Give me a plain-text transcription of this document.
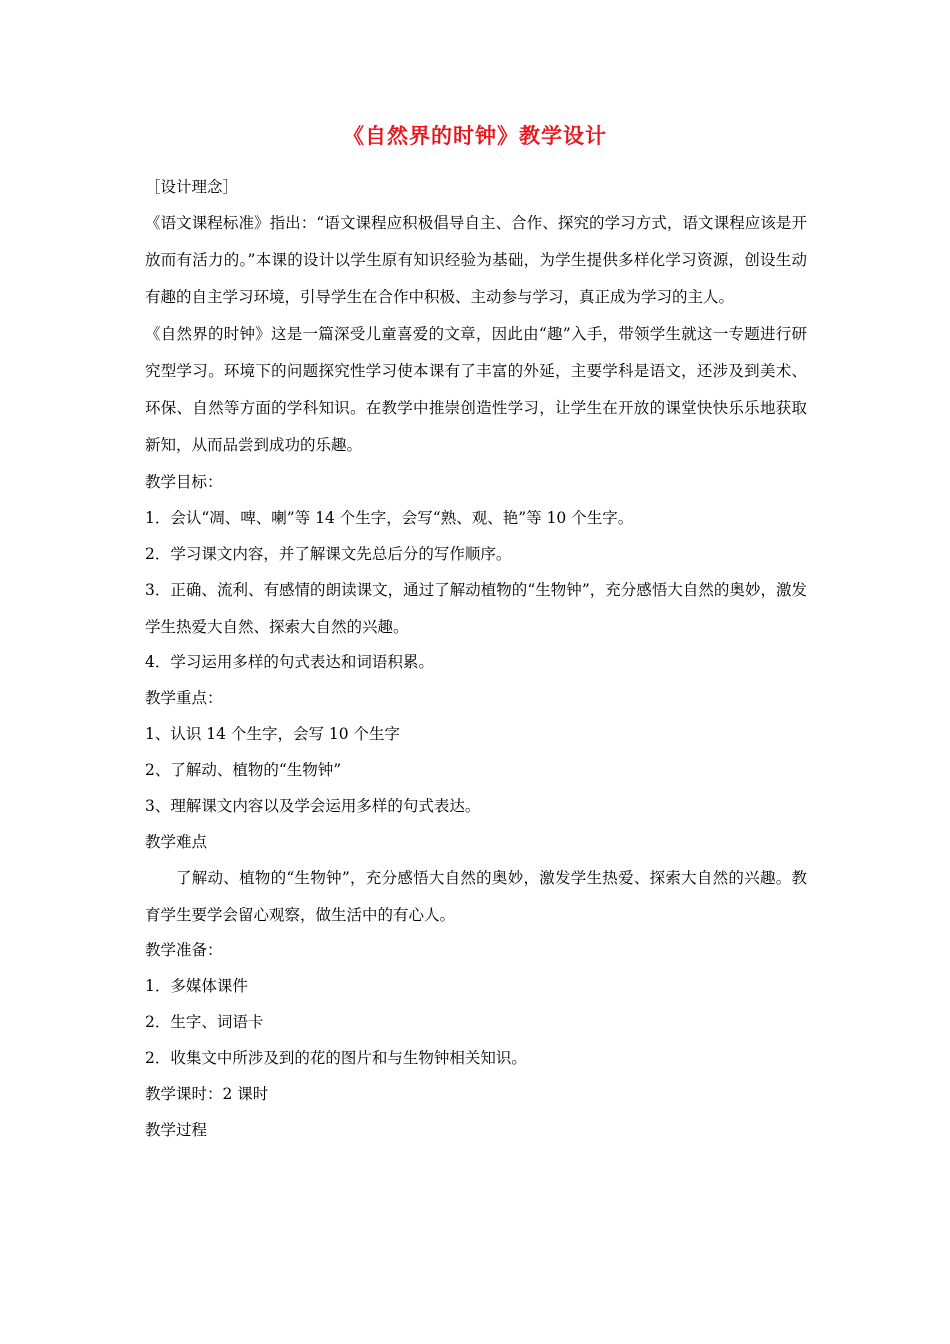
《自然界的时钟》教学设计

［设计理念］

《语文课程标准》指出：“语文课程应积极倡导自主、合作、探究的学习方式，语文课程应该是开放而有活力的。”本课的设计以学生原有知识经验为基础，为学生提供多样化学习资源，创设生动有趣的自主学习环境，引导学生在合作中积极、主动参与学习，真正成为学习的主人。

《自然界的时钟》这是一篇深受儿童喜爱的文章，因此由“趣”入手，带领学生就这一专题进行研究型学习。环境下的问题探究性学习使本课有了丰富的外延，主要学科是语文，还涉及到美术、环保、自然等方面的学科知识。在教学中推崇创造性学习，让学生在开放的课堂快快乐乐地获取新知，从而品尝到成功的乐趣。

教学目标：

1．会认“凋、啤、喇”等 14 个生字，会写“熟、观、艳”等 10 个生字。

2．学习课文内容，并了解课文先总后分的写作顺序。

3．正确、流利、有感情的朗读课文，通过了解动植物的“生物钟”，充分感悟大自然的奥妙，激发学生热爱大自然、探索大自然的兴趣。

4．学习运用多样的句式表达和词语积累。

教学重点：

1、认识 14 个生字，会写 10 个生字

2、了解动、植物的“生物钟”

3、理解课文内容以及学会运用多样的句式表达。

教学难点

了解动、植物的“生物钟”，充分感悟大自然的奥妙，激发学生热爱、探索大自然的兴趣。教育学生要学会留心观察，做生活中的有心人。

教学准备：

1．多媒体课件

2．生字、词语卡

2．收集文中所涉及到的花的图片和与生物钟相关知识。

教学课时：2 课时

教学过程
